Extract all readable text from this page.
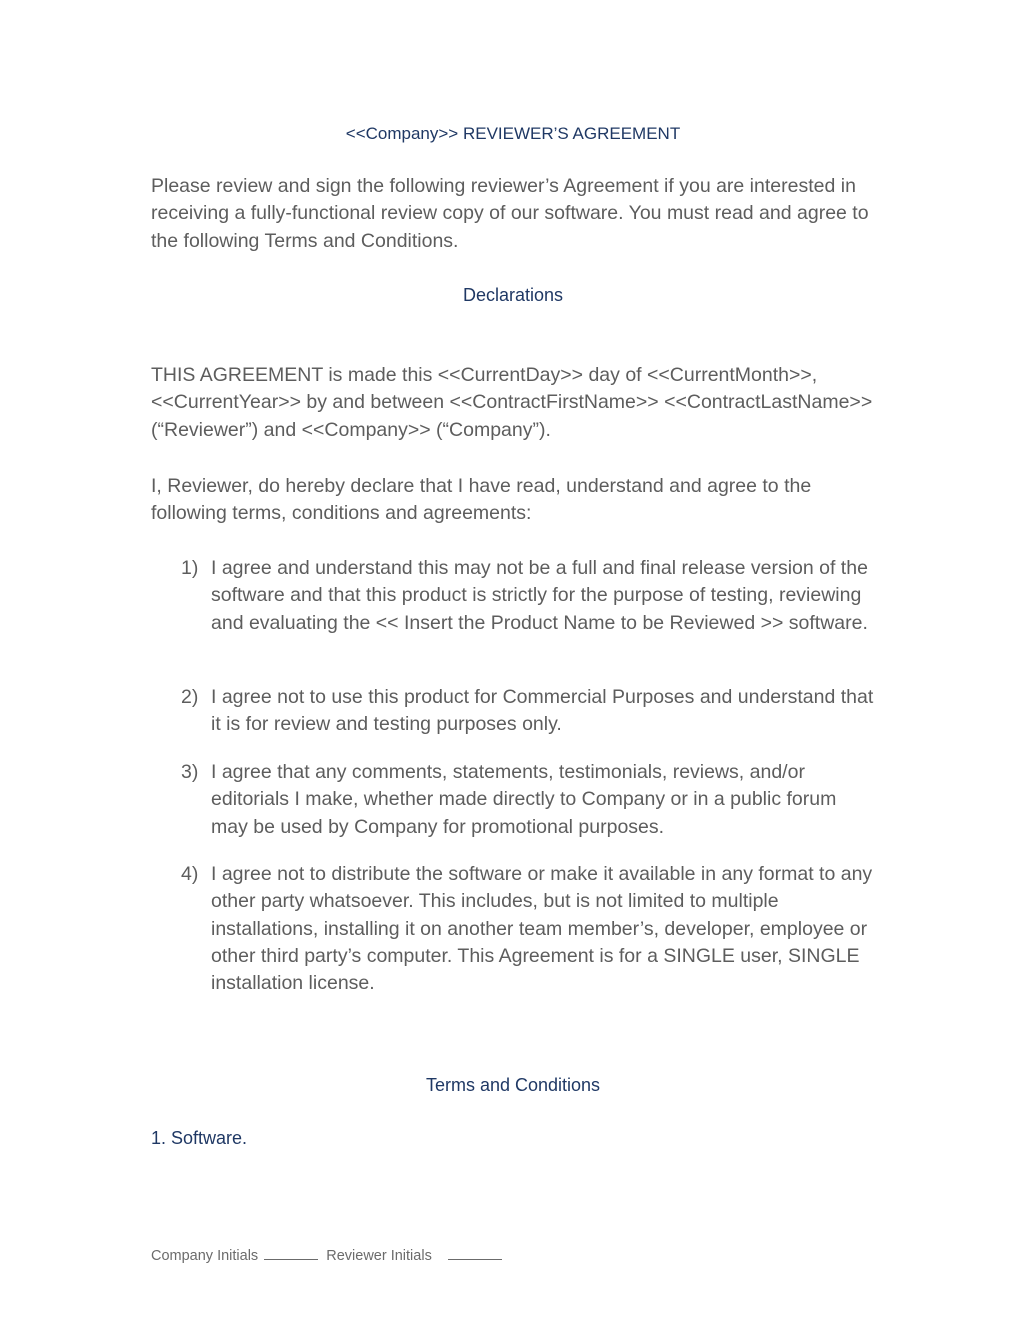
<<Company>> REVIEWER’S AGREEMENT

Please review and sign the following reviewer’s Agreement if you are interested in receiving a fully-functional review copy of our software. You must read and agree to the following Terms and Conditions.

Declarations

THIS AGREEMENT is made this <<CurrentDay>> day of <<CurrentMonth>>, <<CurrentYear>> by and between <<ContractFirstName>> <<ContractLastName>> (“Reviewer”) and <<Company>> (“Company”).

I, Reviewer, do hereby declare that I have read, understand and agree to the following terms, conditions and agreements:

1) I agree and understand this may not be a full and final release version of the software and that this product is strictly for the purpose of testing, reviewing and evaluating the << Insert the Product Name to be Reviewed >> software.
2) I agree not to use this product for Commercial Purposes and understand that it is for review and testing purposes only.
3) I agree that any comments, statements, testimonials, reviews, and/or editorials I make, whether made directly to Company or in a public forum may be used by Company for promotional purposes.
4) I agree not to distribute the software or make it available in any format to any other party whatsoever. This includes, but is not limited to multiple installations, installing it on another team member’s, developer, employee or other third party’s computer. This Agreement is for a SINGLE user, SINGLE installation license.
Terms and Conditions
1. Software.
Company Initials	Reviewer Initials
